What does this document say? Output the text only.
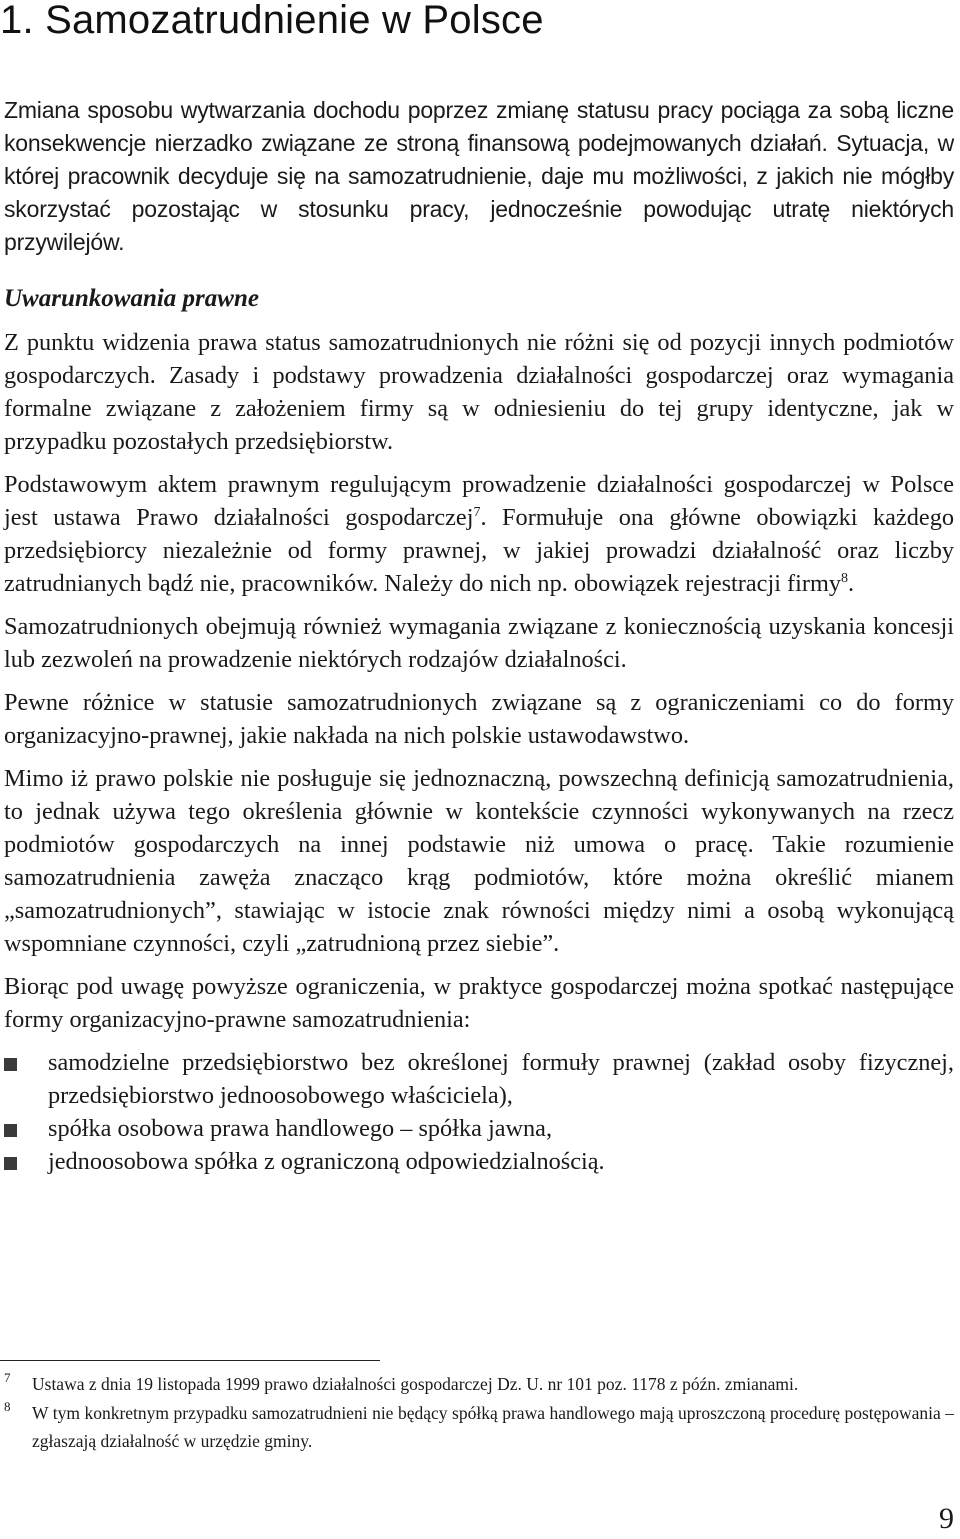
1. Samozatrudnienie w Polsce

Zmiana sposobu wytwarzania dochodu poprzez zmianę statusu pracy pociąga za sobą liczne konsekwencje nierzadko związane ze stroną finansową podejmowanych działań. Sytuacja, w której pracownik decyduje się na samozatrudnienie, daje mu możliwości, z jakich nie mógłby skorzystać pozostając w stosunku pracy, jednocześnie powodując utratę niektórych przywilejów.

Uwarunkowania prawne

Z punktu widzenia prawa status samozatrudnionych nie różni się od pozycji innych podmiotów gospodarczych. Zasady i podstawy prowadzenia działalności gospodarczej oraz wymagania formalne związane z założeniem firmy są w odniesieniu do tej grupy identyczne, jak w przypadku pozostałych przedsiębiorstw.

Podstawowym aktem prawnym regulującym prowadzenie działalności gospodarczej w Polsce jest ustawa Prawo działalności gospodarczej$^7$. Formułuje ona główne obowiązki każdego przedsiębiorcy niezależnie od formy prawnej, w jakiej prowadzi działalność oraz liczby zatrudnianych bądź nie, pracowników. Należy do nich np. obowiązek rejestracji firmy$^8$.

Samozatrudnionych obejmują również wymagania związane z koniecznością uzyskania koncesji lub zezwoleń na prowadzenie niektórych rodzajów działalności.

Pewne różnice w statusie samozatrudnionych związane są z ograniczeniami co do formy organizacyjno-prawnej, jakie nakłada na nich polskie ustawodawstwo.

Mimo iż prawo polskie nie posługuje się jednoznaczną, powszechną definicją samozatrudnienia, to jednak używa tego określenia głównie w kontekście czynności wykonywanych na rzecz podmiotów gospodarczych na innej podstawie niż umowa o pracę. Takie rozumienie samozatrudnienia zawęża znacząco krąg podmiotów, które można określić mianem „samozatrudnionych”, stawiając w istocie znak równości między nimi a osobą wykonującą wspomniane czynności, czyli „zatrudnioną przez siebie”.

Biorąc pod uwagę powyższe ograniczenia, w praktyce gospodarczej można spotkać następujące formy organizacyjno-prawne samozatrudnienia:

samodzielne przedsiębiorstwo bez określonej formuły prawnej (zakład osoby fizycznej, przedsiębiorstwo jednoosobowego właściciela),
spółka osobowa prawa handlowego – spółka jawna,
jednoosobowa spółka z ograniczoną odpowiedzialnością.
7 Ustawa z dnia 19 listopada 1999 prawo działalności gospodarczej Dz. U. nr 101 poz. 1178 z późn. zmianami.
8 W tym konkretnym przypadku samozatrudnieni nie będący spółką prawa handlowego mają uproszczoną procedurę postępowania – zgłaszają działalność w urzędzie gminy.
9
